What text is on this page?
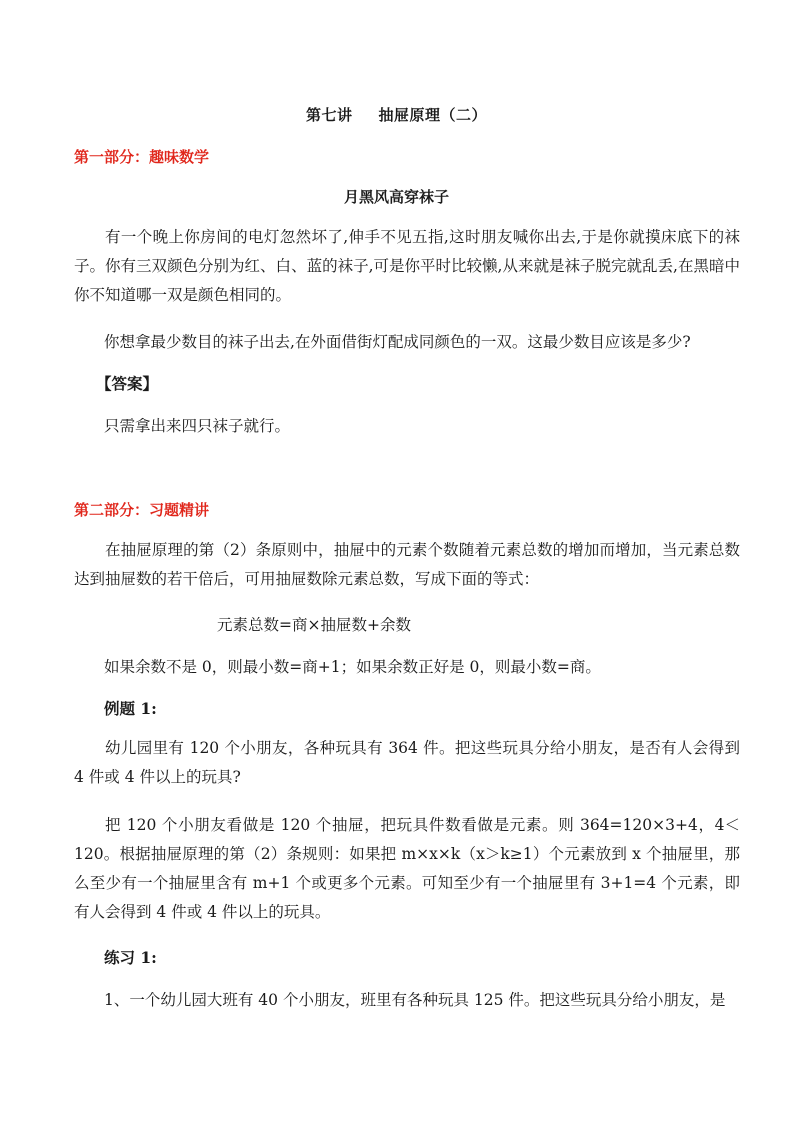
第七讲 抽屉原理（二）
第一部分：趣味数学
月黑风高穿袜子
有一个晚上你房间的电灯忽然坏了,伸手不见五指,这时朋友喊你出去,于是你就摸床底下的袜子。你有三双颜色分别为红、白、蓝的袜子,可是你平时比较懒,从来就是袜子脱完就乱丢,在黑暗中你不知道哪一双是颜色相同的。
你想拿最少数目的袜子出去,在外面借街灯配成同颜色的一双。这最少数目应该是多少?
【答案】
只需拿出来四只袜子就行。
第二部分：习题精讲
在抽屉原理的第（2）条原则中，抽屉中的元素个数随着元素总数的增加而增加，当元素总数达到抽屉数的若干倍后，可用抽屉数除元素总数，写成下面的等式：
元素总数=商×抽屉数+余数
如果余数不是 0，则最小数=商+1；如果余数正好是 0，则最小数=商。
例题 1:
幼儿园里有 120 个小朋友，各种玩具有 364 件。把这些玩具分给小朋友，是否有人会得到 4 件或 4 件以上的玩具?
把 120 个小朋友看做是 120 个抽屉，把玩具件数看做是元素。则 364=120×3+4，4＜120。根据抽屉原理的第（2）条规则：如果把 m×x×k（x＞k≥1）个元素放到 x 个抽屉里，那么至少有一个抽屉里含有 m+1 个或更多个元素。可知至少有一个抽屉里有 3+1=4 个元素，即有人会得到 4 件或 4 件以上的玩具。
练习 1:
1、一个幼儿园大班有 40 个小朋友，班里有各种玩具 125 件。把这些玩具分给小朋友，是
